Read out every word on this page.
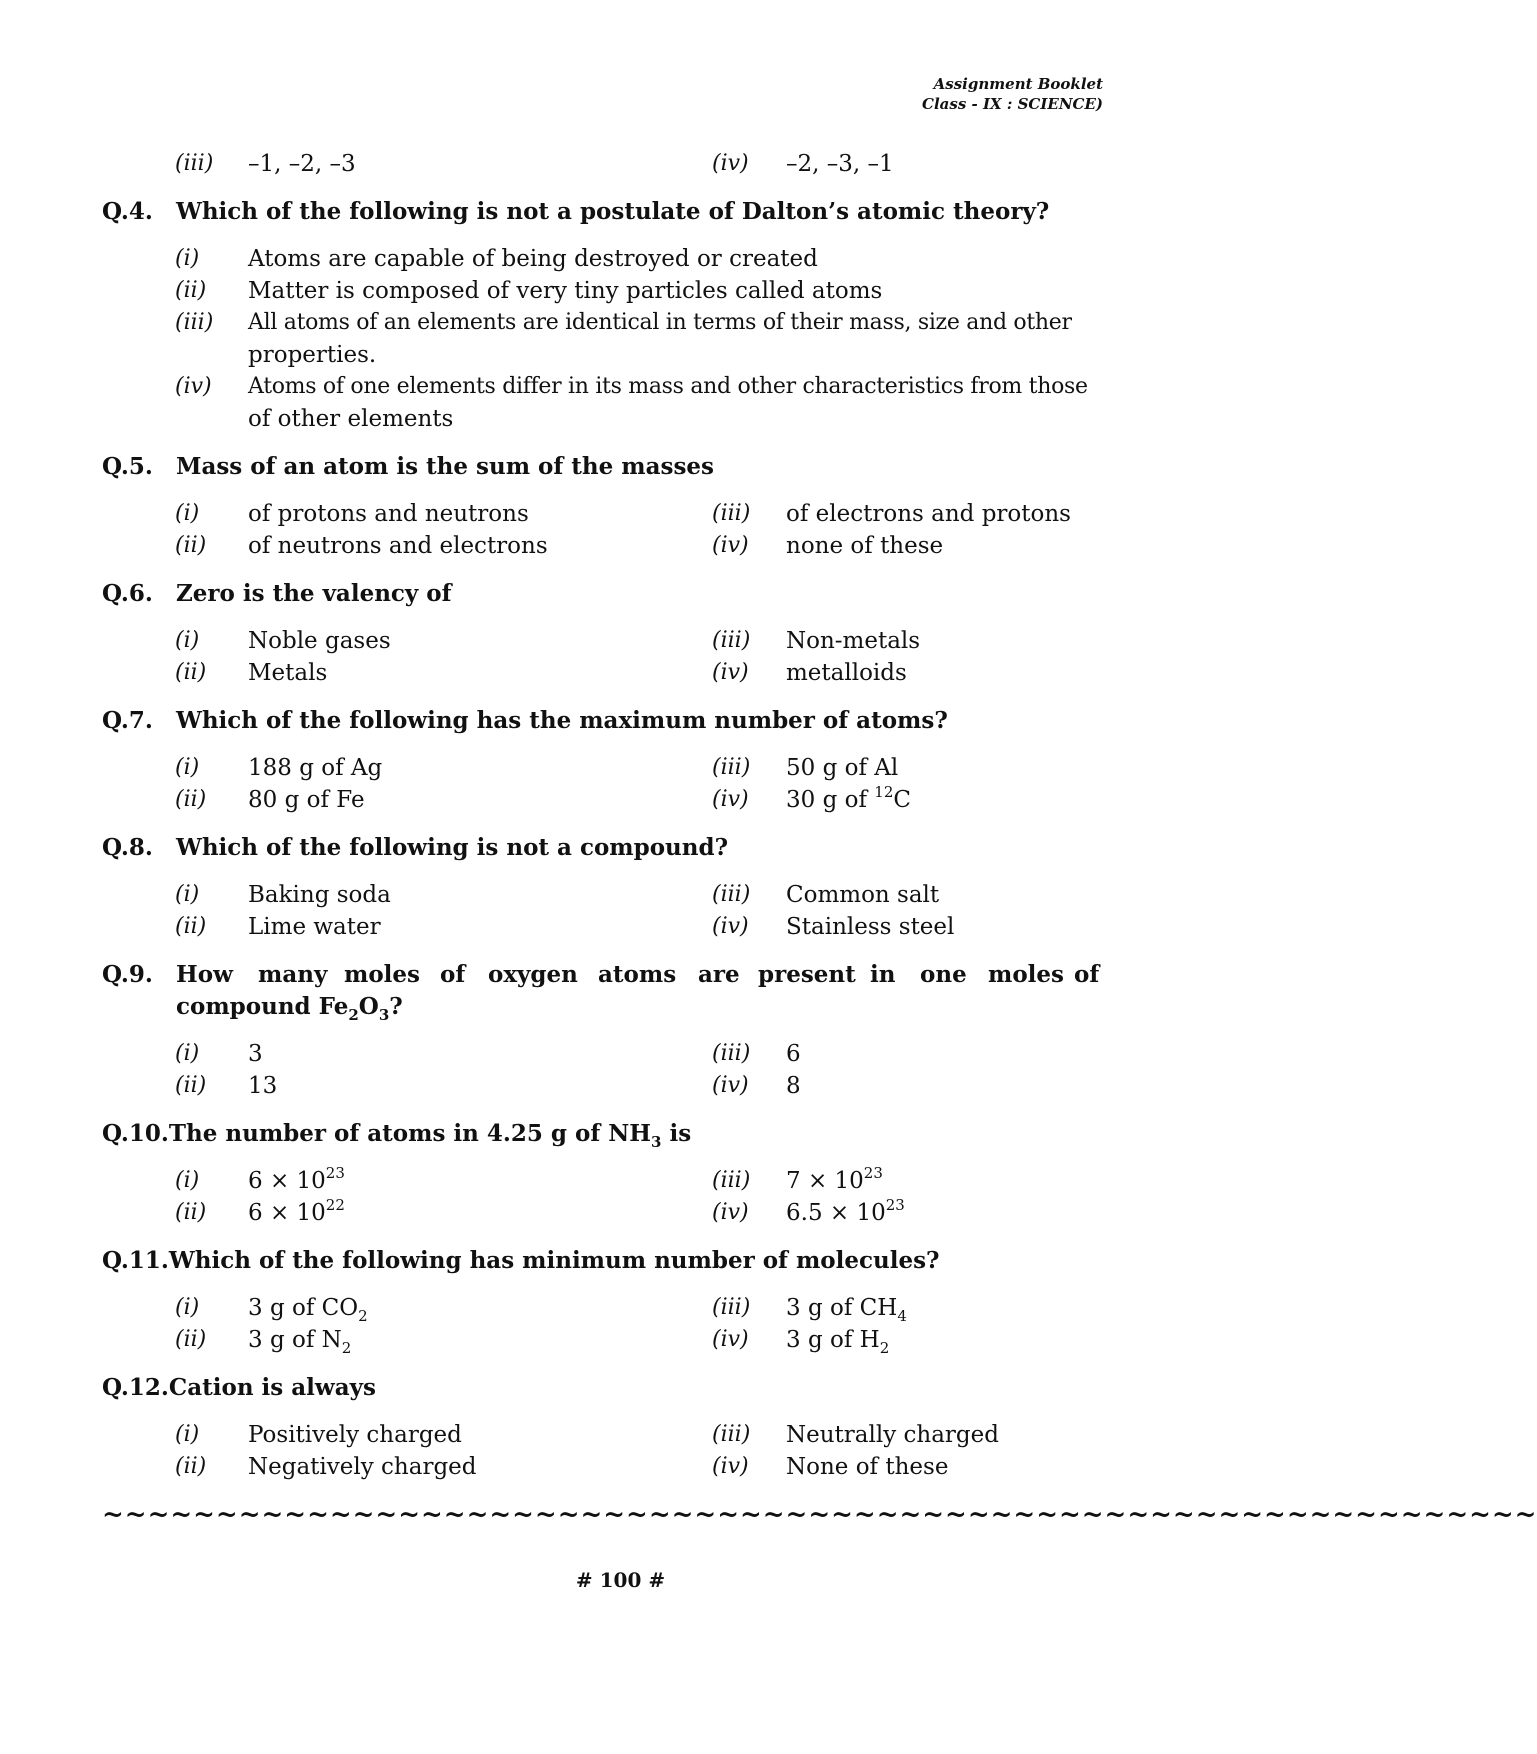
Assignment Booklet
Class - IX : SCIENCE)
(iii) –1, –2, –3	(iv) –2, –3, –1
Q.4. Which of the following is not a postulate of Dalton’s atomic theory?
(i) Atoms are capable of being destroyed or created
(ii) Matter is composed of very tiny particles called atoms
(iii) All atoms of an elements are identical in terms of their mass, size and other
properties.
(iv) Atoms of one elements differ in its mass and other characteristics from those
of other elements
Q.5. Mass of an atom is the sum of the masses
(i) of protons and neutrons	(iii) of electrons and protons
(ii) of neutrons and electrons	(iv) none of these
Q.6. Zero is the valency of
(i) Noble gases	(iii) Non-metals
(ii) Metals	(iv) metalloids
Q.7. Which of the following has the maximum number of atoms?
(i) 188 g of Ag	(iii) 50 g of Al
(ii) 80 g of Fe	(iv) 30 g of $^{12}$C
Q.8. Which of the following is not a compound?
(i) Baking soda	(iii) Common salt
(ii) Lime water	(iv) Stainless steel
Q.9. How many moles of oxygen atoms are present in one moles of
compound $Fe_2O_3$?
(i) 3	(iii) 6
(ii) 13	(iv) 8
Q.10.The number of atoms in 4.25 g of $NH_3$ is
(i) $6 \times 10^{23}$	(iii) $7 \times 10^{23}$
(ii) $6 \times 10^{22}$	(iv) $6.5 \times 10^{23}$
Q.11.Which of the following has minimum number of molecules?
(i) 3 g of $CO_2$	(iii) 3 g of $CH_4$
(ii) 3 g of $N_2$	(iv) 3 g of $H_2$
Q.12.Cation is always
(i) Positively charged	(iii) Neutrally charged
(ii) Negatively charged	(iv) None of these
~~~~~~~~~~~~~~~~~~~~~~~~~~~~~~~~~~~~~~~~~~~~~~~~~~~~~~~~~~~~~~~
# 100 #
